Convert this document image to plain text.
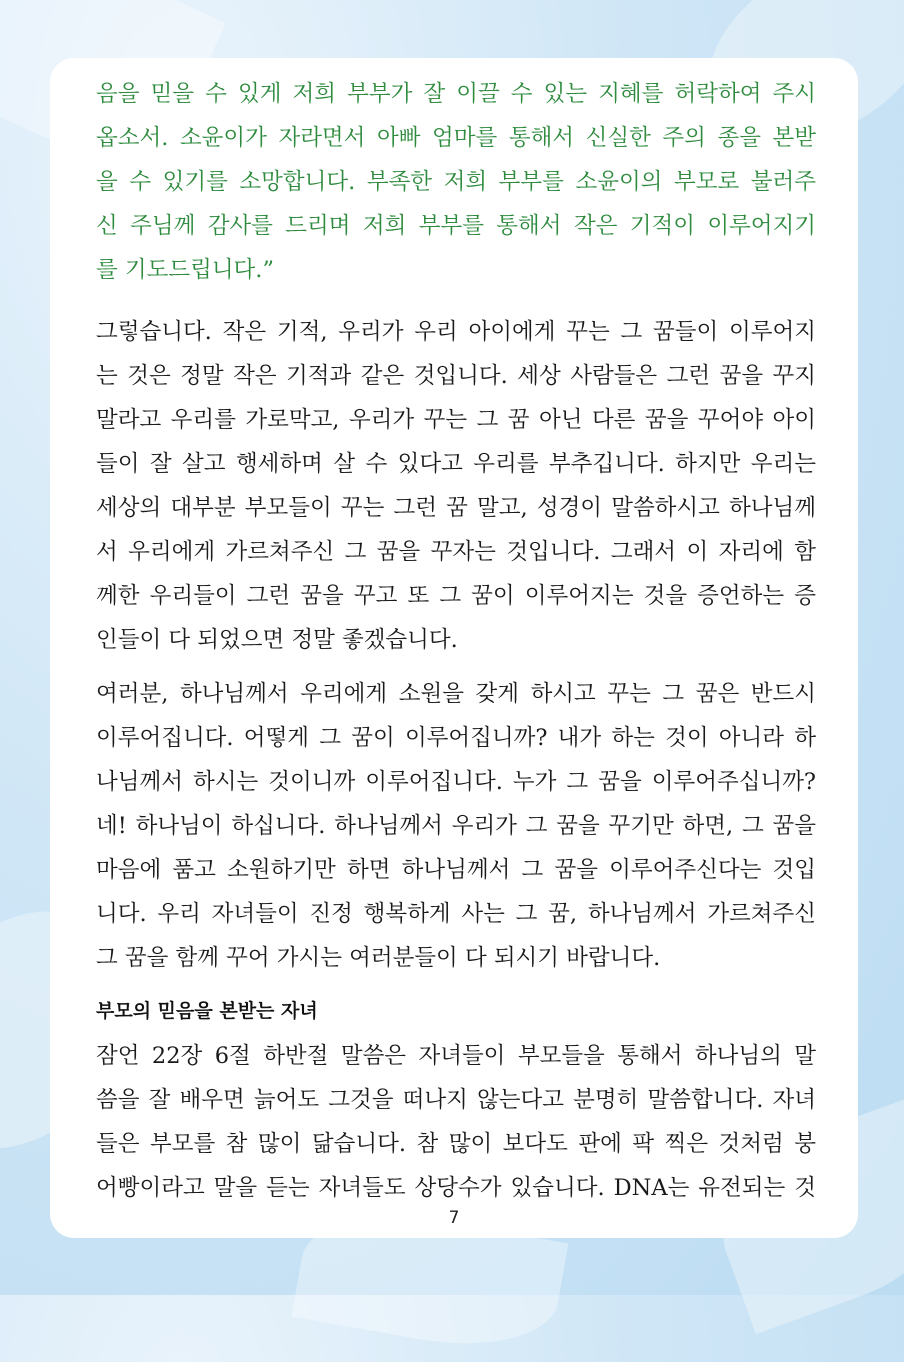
음을 믿을 수 있게 저희 부부가 잘 이끌 수 있는 지혜를 허락하여 주시
옵소서. 소윤이가 자라면서 아빠 엄마를 통해서 신실한 주의 종을 본받
을 수 있기를 소망합니다. 부족한 저희 부부를 소윤이의 부모로 불러주
신 주님께 감사를 드리며 저희 부부를 통해서 작은 기적이 이루어지기
를 기도드립니다.”
그렇습니다. 작은 기적, 우리가 우리 아이에게 꾸는 그 꿈들이 이루어지
는 것은 정말 작은 기적과 같은 것입니다. 세상 사람들은 그런 꿈을 꾸지
말라고 우리를 가로막고, 우리가 꾸는 그 꿈 아닌 다른 꿈을 꾸어야 아이
들이 잘 살고 행세하며 살 수 있다고 우리를 부추깁니다. 하지만 우리는
세상의 대부분 부모들이 꾸는 그런 꿈 말고, 성경이 말씀하시고 하나님께
서 우리에게 가르쳐주신 그 꿈을 꾸자는 것입니다. 그래서 이 자리에 함
께한 우리들이 그런 꿈을 꾸고 또 그 꿈이 이루어지는 것을 증언하는 증
인들이 다 되었으면 정말 좋겠습니다.
여러분, 하나님께서 우리에게 소원을 갖게 하시고 꾸는 그 꿈은 반드시
이루어집니다. 어떻게 그 꿈이 이루어집니까? 내가 하는 것이 아니라 하
나님께서 하시는 것이니까 이루어집니다. 누가 그 꿈을 이루어주십니까?
네! 하나님이 하십니다. 하나님께서 우리가 그 꿈을 꾸기만 하면, 그 꿈을
마음에 품고 소원하기만 하면 하나님께서 그 꿈을 이루어주신다는 것입
니다. 우리 자녀들이 진정 행복하게 사는 그 꿈, 하나님께서 가르쳐주신
그 꿈을 함께 꾸어 가시는 여러분들이 다 되시기 바랍니다.
부모의 믿음을 본받는 자녀
잠언 22장 6절 하반절 말씀은 자녀들이 부모들을 통해서 하나님의 말
씀을 잘 배우면 늙어도 그것을 떠나지 않는다고 분명히 말씀합니다. 자녀
들은 부모를 참 많이 닮습니다. 참 많이 보다도 판에 팍 찍은 것처럼 붕
어빵이라고 말을 듣는 자녀들도 상당수가 있습니다. DNA는 유전되는 것
7
